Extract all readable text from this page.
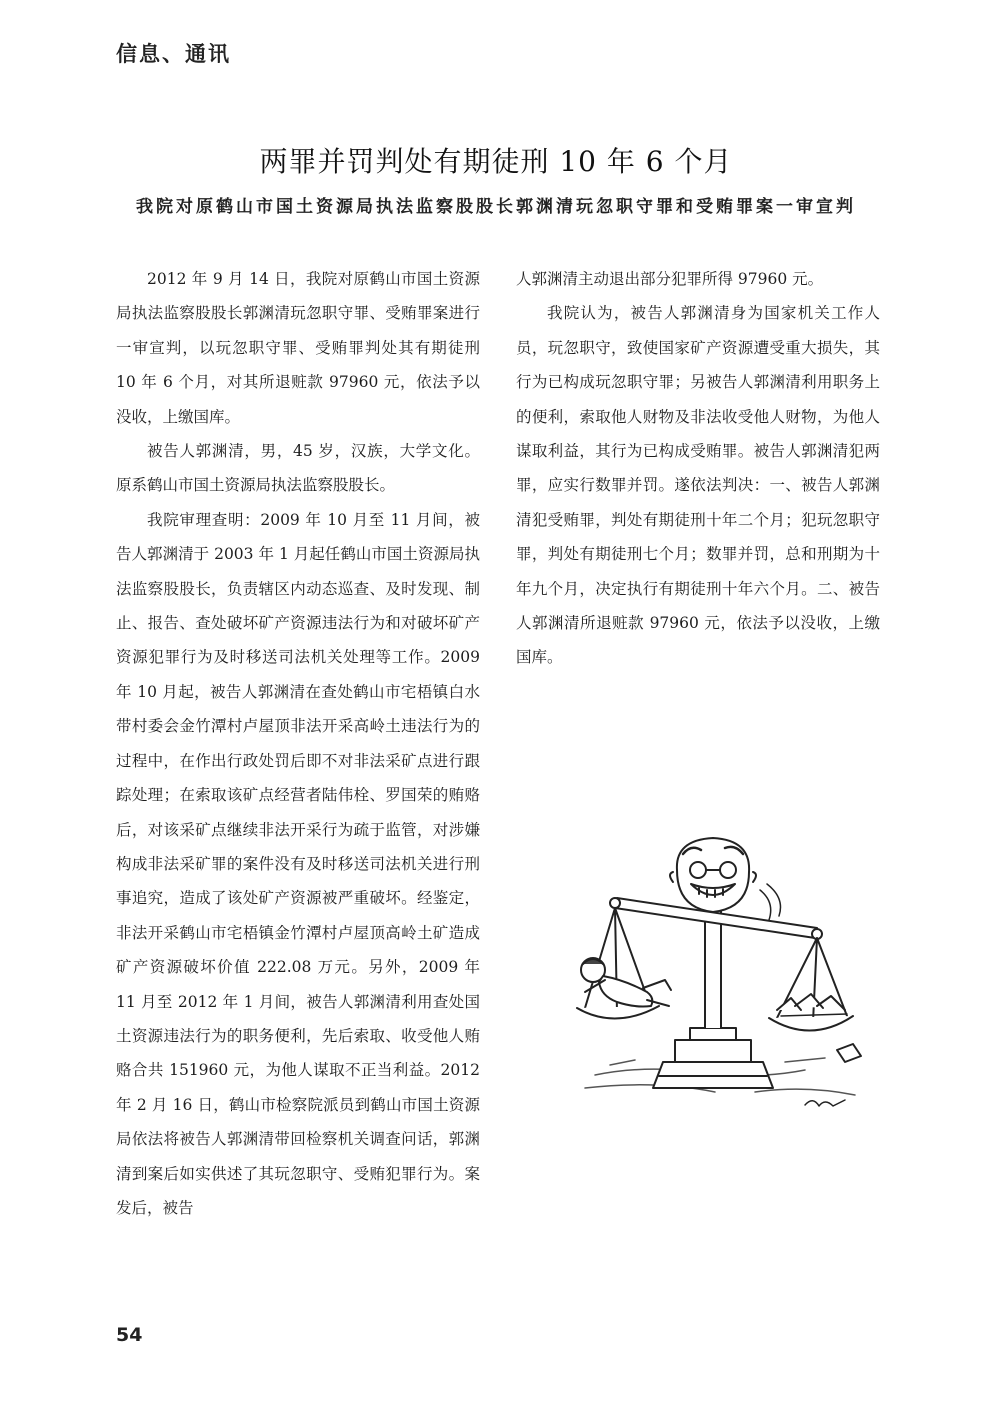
信息、通讯
两罪并罚判处有期徒刑 10 年 6 个月
我院对原鹤山市国土资源局执法监察股股长郭渊清玩忽职守罪和受贿罪案一审宣判

2012 年 9 月 14 日，我院对原鹤山市国土资源局执法监察股股长郭渊清玩忽职守罪、受贿罪案进行一审宣判，以玩忽职守罪、受贿罪判处其有期徒刑 10 年 6 个月，对其所退赃款 97960 元，依法予以没收，上缴国库。

被告人郭渊清，男，45 岁，汉族，大学文化。原系鹤山市国土资源局执法监察股股长。

我院审理查明：2009 年 10 月至 11 月间，被告人郭渊清于 2003 年 1 月起任鹤山市国土资源局执法监察股股长，负责辖区内动态巡查、及时发现、制止、报告、查处破坏矿产资源违法行为和对破坏矿产资源犯罪行为及时移送司法机关处理等工作。2009 年 10 月起，被告人郭渊清在查处鹤山市宅梧镇白水带村委会金竹潭村卢屋顶非法开采高岭土违法行为的过程中，在作出行政处罚后即不对非法采矿点进行跟踪处理；在索取该矿点经营者陆伟栓、罗国荣的贿赂后，对该采矿点继续非法开采行为疏于监管，对涉嫌构成非法采矿罪的案件没有及时移送司法机关进行刑事追究，造成了该处矿产资源被严重破坏。经鉴定，非法开采鹤山市宅梧镇金竹潭村卢屋顶高岭土矿造成矿产资源破坏价值 222.08 万元。另外，2009 年 11 月至 2012 年 1 月间，被告人郭渊清利用查处国土资源违法行为的职务便利，先后索取、收受他人贿赂合共 151960 元，为他人谋取不正当利益。2012 年 2 月 16 日，鹤山市检察院派员到鹤山市国土资源局依法将被告人郭渊清带回检察机关调查问话，郭渊清到案后如实供述了其玩忽职守、受贿犯罪行为。案发后，被告

人郭渊清主动退出部分犯罪所得 97960 元。

我院认为，被告人郭渊清身为国家机关工作人员，玩忽职守，致使国家矿产资源遭受重大损失，其行为已构成玩忽职守罪；另被告人郭渊清利用职务上的便利，索取他人财物及非法收受他人财物，为他人谋取利益，其行为已构成受贿罪。被告人郭渊清犯两罪，应实行数罪并罚。遂依法判决：一、被告人郭渊清犯受贿罪，判处有期徒刑十年二个月；犯玩忽职守罪，判处有期徒刑七个月；数罪并罚，总和刑期为十年九个月，决定执行有期徒刑十年六个月。二、被告人郭渊清所退赃款 97960 元，依法予以没收，上缴国库。

54
